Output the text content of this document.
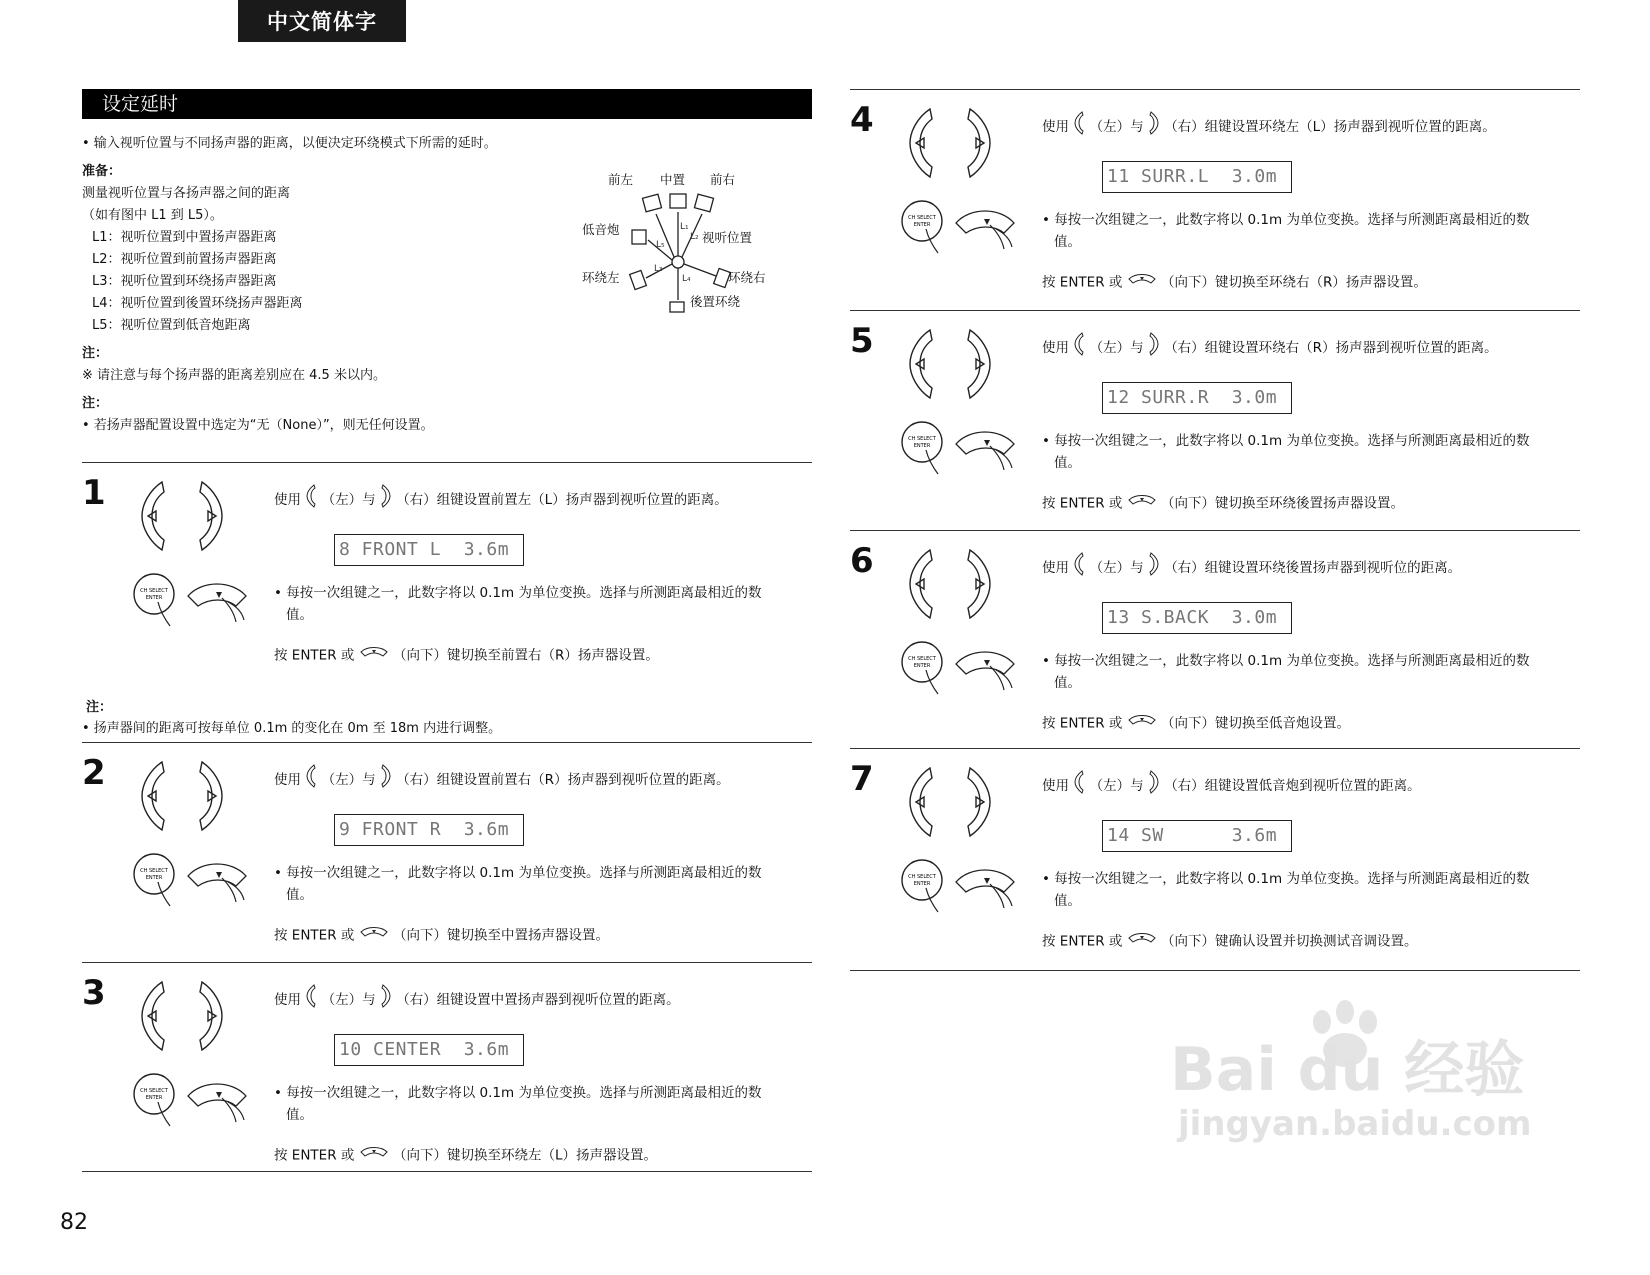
中文简体字
设定延时
• 输入视听位置与不同扬声器的距离，以便决定环绕模式下所需的延时。
准备：
测量视听位置与各扬声器之间的距离
（如有图中 L1 到 L5）。
L1：视听位置到中置扬声器距离
L2：视听位置到前置扬声器距离
L3：视听位置到环绕扬声器距离
L4：视听位置到後置环绕扬声器距离
L5：视听位置到低音炮距离
注：
※ 请注意与每个扬声器的距离差别应在 4.5 米以内。
注：
• 若扬声器配置设置中选定为“无（None）”，则无任何设置。
前左 中置 前右
低音炮
视听位置
环绕左	环绕右
後置环绕
L₁
L₂
L₃
L₄
L₅
1
CH SELECT
ENTER
使用 （左）与 （右）组键设置前置左（L）扬声器到视听位置的距离。
8 FRONT L  3.6m
• 每按一次组键之一，此数字将以 0.1m 为单位变换。选择与所测距离最相近的数
值。
按 ENTER 或	（向下）键切换至前置右（R）扬声器设置。
2
CH SELECT
ENTER
使用 （左）与 （右）组键设置前置右（R）扬声器到视听位置的距离。
9 FRONT R  3.6m
• 每按一次组键之一，此数字将以 0.1m 为单位变换。选择与所测距离最相近的数
值。
按 ENTER 或	（向下）键切换至中置扬声器设置。
3
CH SELECT
ENTER
使用 （左）与 （右）组键设置中置扬声器到视听位置的距离。
10 CENTER  3.6m
• 每按一次组键之一，此数字将以 0.1m 为单位变换。选择与所测距离最相近的数
值。
按 ENTER 或	（向下）键切换至环绕左（L）扬声器设置。
4
CH SELECT
ENTER
使用 （左）与 （右）组键设置环绕左（L）扬声器到视听位置的距离。
11 SURR.L  3.0m
• 每按一次组键之一，此数字将以 0.1m 为单位变换。选择与所测距离最相近的数
值。
按 ENTER 或	（向下）键切换至环绕右（R）扬声器设置。
5
CH SELECT
ENTER
使用 （左）与 （右）组键设置环绕右（R）扬声器到视听位置的距离。
12 SURR.R  3.0m
• 每按一次组键之一，此数字将以 0.1m 为单位变换。选择与所测距离最相近的数
值。
按 ENTER 或	（向下）键切换至环绕後置扬声器设置。
6
CH SELECT
ENTER
使用 （左）与 （右）组键设置环绕後置扬声器到视听位的距离。
13 S.BACK  3.0m
• 每按一次组键之一，此数字将以 0.1m 为单位变换。选择与所测距离最相近的数
值。
按 ENTER 或	（向下）键切换至低音炮设置。
7
CH SELECT
ENTER
使用 （左）与 （右）组键设置低音炮到视听位置的距离。
14 SW      3.6m
• 每按一次组键之一，此数字将以 0.1m 为单位变换。选择与所测距离最相近的数
值。
按 ENTER 或	（向下）键确认设置并切换测试音调设置。
注：
• 扬声器间的距离可按每单位 0.1m 的变化在 0m 至 18m 内进行调整。
82
Bai du 经验
jingyan.baidu.com
